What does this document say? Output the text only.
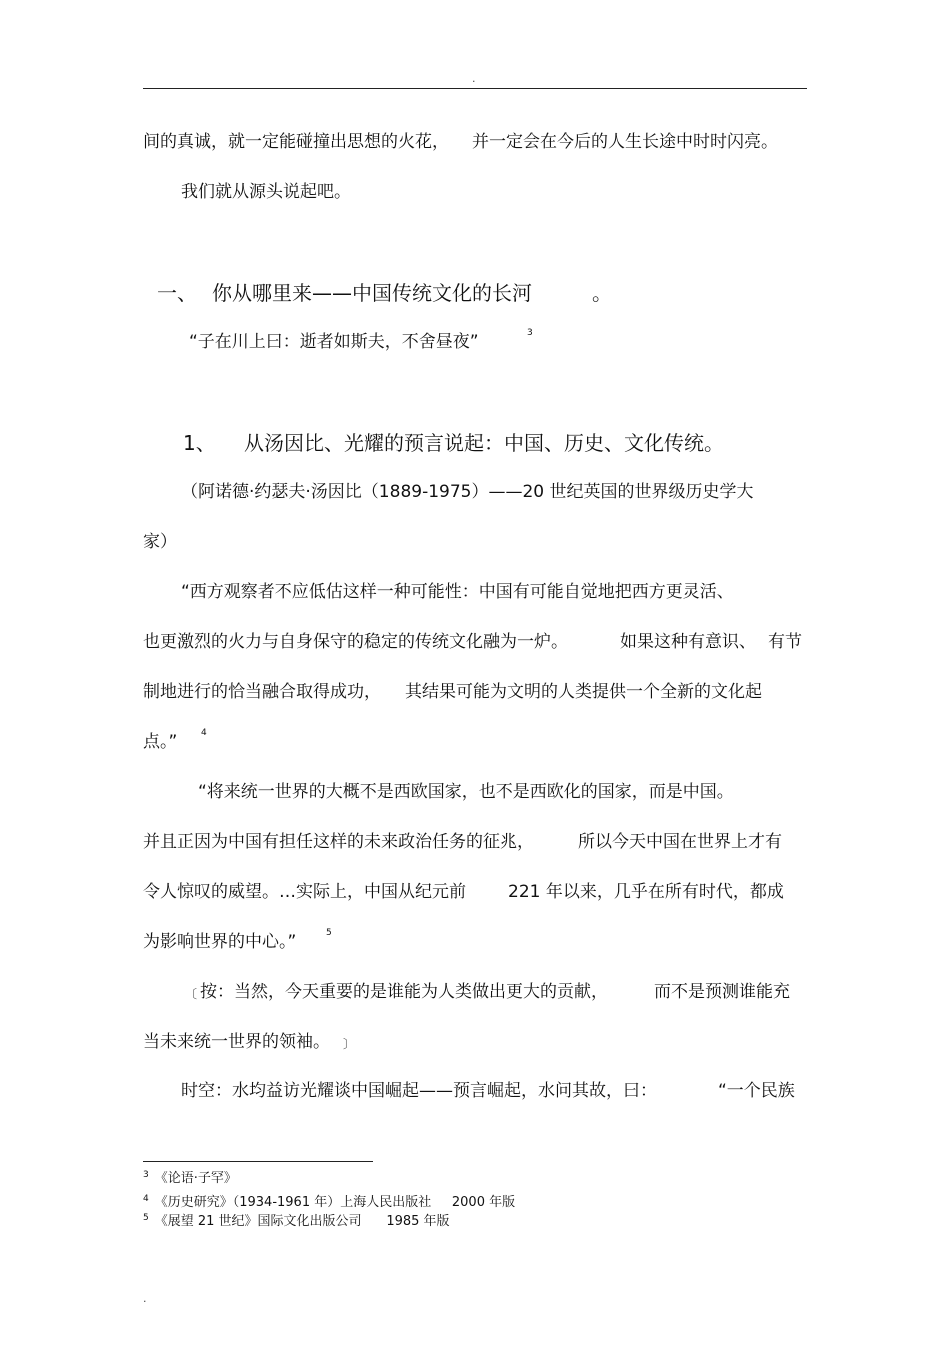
.
间的真诚，就一定能碰撞出思想的火花， 并一定会在今后的人生长途中时时闪亮。
我们就从源头说起吧。
一、 你从哪里来——中国传统文化的长河	。
“子在川上曰：逝者如斯夫，不舍昼夜”	3
1、 从汤因比、光耀的预言说起：中国、历史、文化传统。
（阿诺德·约瑟夫·汤因比（1889-1975）——20 世纪英国的世界级历史学大
家）
“西方观察者不应低估这样一种可能性：中国有可能自觉地把西方更灵活、
也更激烈的火力与自身保守的稳定的传统文化融为一炉。	如果这种有意识、 有节
制地进行的恰当融合取得成功， 其结果可能为文明的人类提供一个全新的文化起
点。”	4
“将来统一世界的大概不是西欧国家，也不是西欧化的国家，而是中国。
并且正因为中国有担任这样的未来政治任务的征兆，	所以今天中国在世界上才有
令人惊叹的威望。…实际上，中国从纪元前 221 年以来，几乎在所有时代，都成
为影响世界的中心。”	5
〔 按：当然，今天重要的是谁能为人类做出更大的贡献，	而不是预测谁能充
当未来统一世界的领袖。 〕
时空：水均益访光耀谈中国崛起——预言崛起，水问其故，曰：	“一个民族
$^3$ 《论语·子罕》
$^4$ 《历史研究》（1934-1961 年）上海人民出版社     2000 年版
$^5$ 《展望 21 世纪》国际文化出版公司      1985 年版
.
